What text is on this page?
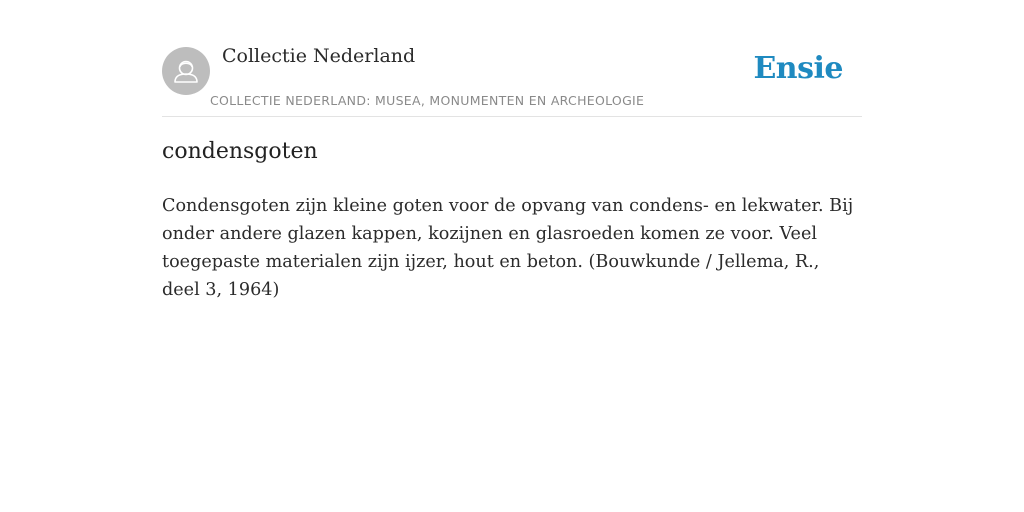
Collectie Nederland
COLLECTIE NEDERLAND: MUSEA, MONUMENTEN EN ARCHEOLOGIE
Ensie
condensgoten

Condensgoten zijn kleine goten voor de opvang van condens- en lekwater. Bij onder andere glazen kappen, kozijnen en glasroeden komen ze voor. Veel toegepaste materialen zijn ijzer, hout en beton. (Bouwkunde / Jellema, R., deel 3, 1964)
